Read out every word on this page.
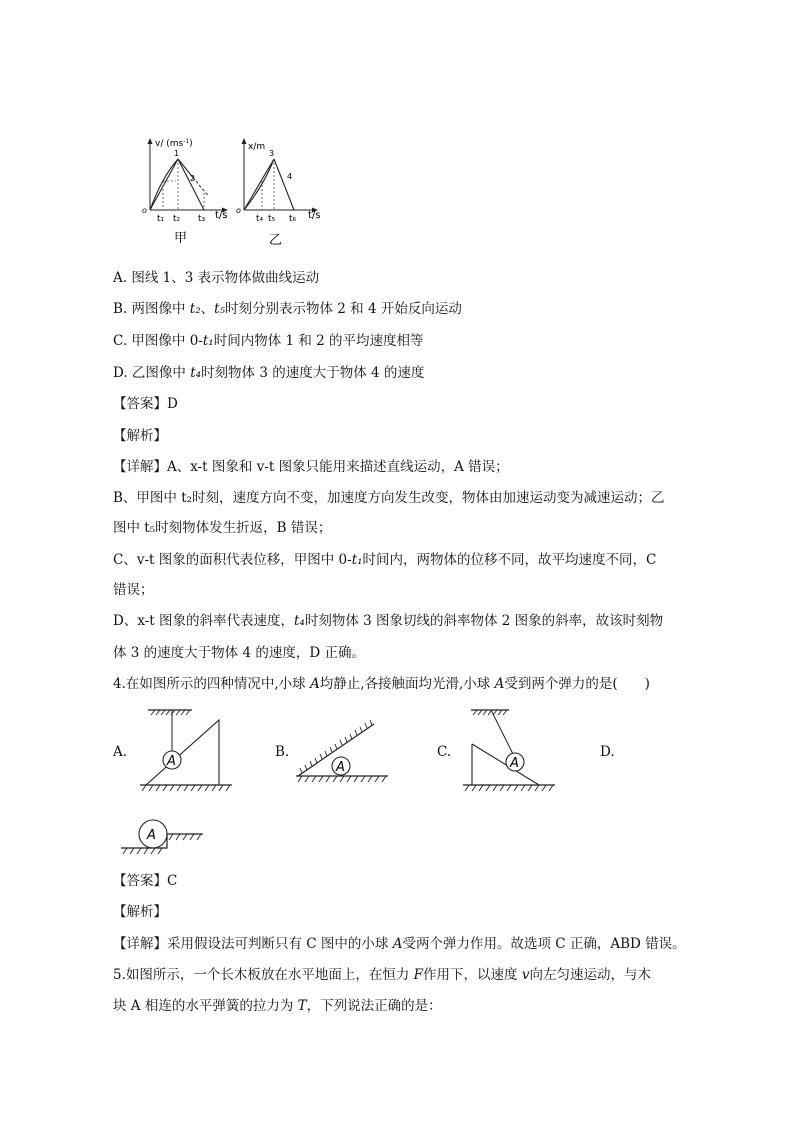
v/ $(ms^{-1})$
1
2
o
t₁ t₂ t₃ t/s
甲
x/m
3
4
o
t₄ t₅ t₆ t/s
乙
A. 图线 1、3 表示物体做曲线运动
B. 两图像中 t₂、t₅时刻分别表示物体 2 和 4 开始反向运动
C. 甲图像中 0-t₁时间内物体 1 和 2 的平均速度相等
D. 乙图像中 t₄时刻物体 3 的速度大于物体 4 的速度
【答案】D
【解析】
【详解】A、x-t 图象和 v-t 图象只能用来描述直线运动，A 错误；
B、甲图中 t₂时刻，速度方向不变，加速度方向发生改变，物体由加速运动变为减速运动；乙
图中 t₅时刻物体发生折返，B 错误；
C、v-t 图象的面积代表位移，甲图中 0-t₁时间内，两物体的位移不同，故平均速度不同，C
错误；
D、x-t 图象的斜率代表速度，t₄时刻物体 3 图象切线的斜率物体 2 图象的斜率，故该时刻物
体 3 的速度大于物体 4 的速度，D 正确。
4.在如图所示的四种情况中,小球 A均静止,各接触面均光滑,小球 A受到两个弹力的是(　　)
A.	B.	C.	D.
A	A	A
A
【答案】C
【解析】
【详解】采用假设法可判断只有 C 图中的小球 A受两个弹力作用。故选项 C 正确，ABD 错误。
5.如图所示，一个长木板放在水平地面上，在恒力 F作用下，以速度 v向左匀速运动，与木
块 A 相连的水平弹簧的拉力为 T，下列说法正确的是：
